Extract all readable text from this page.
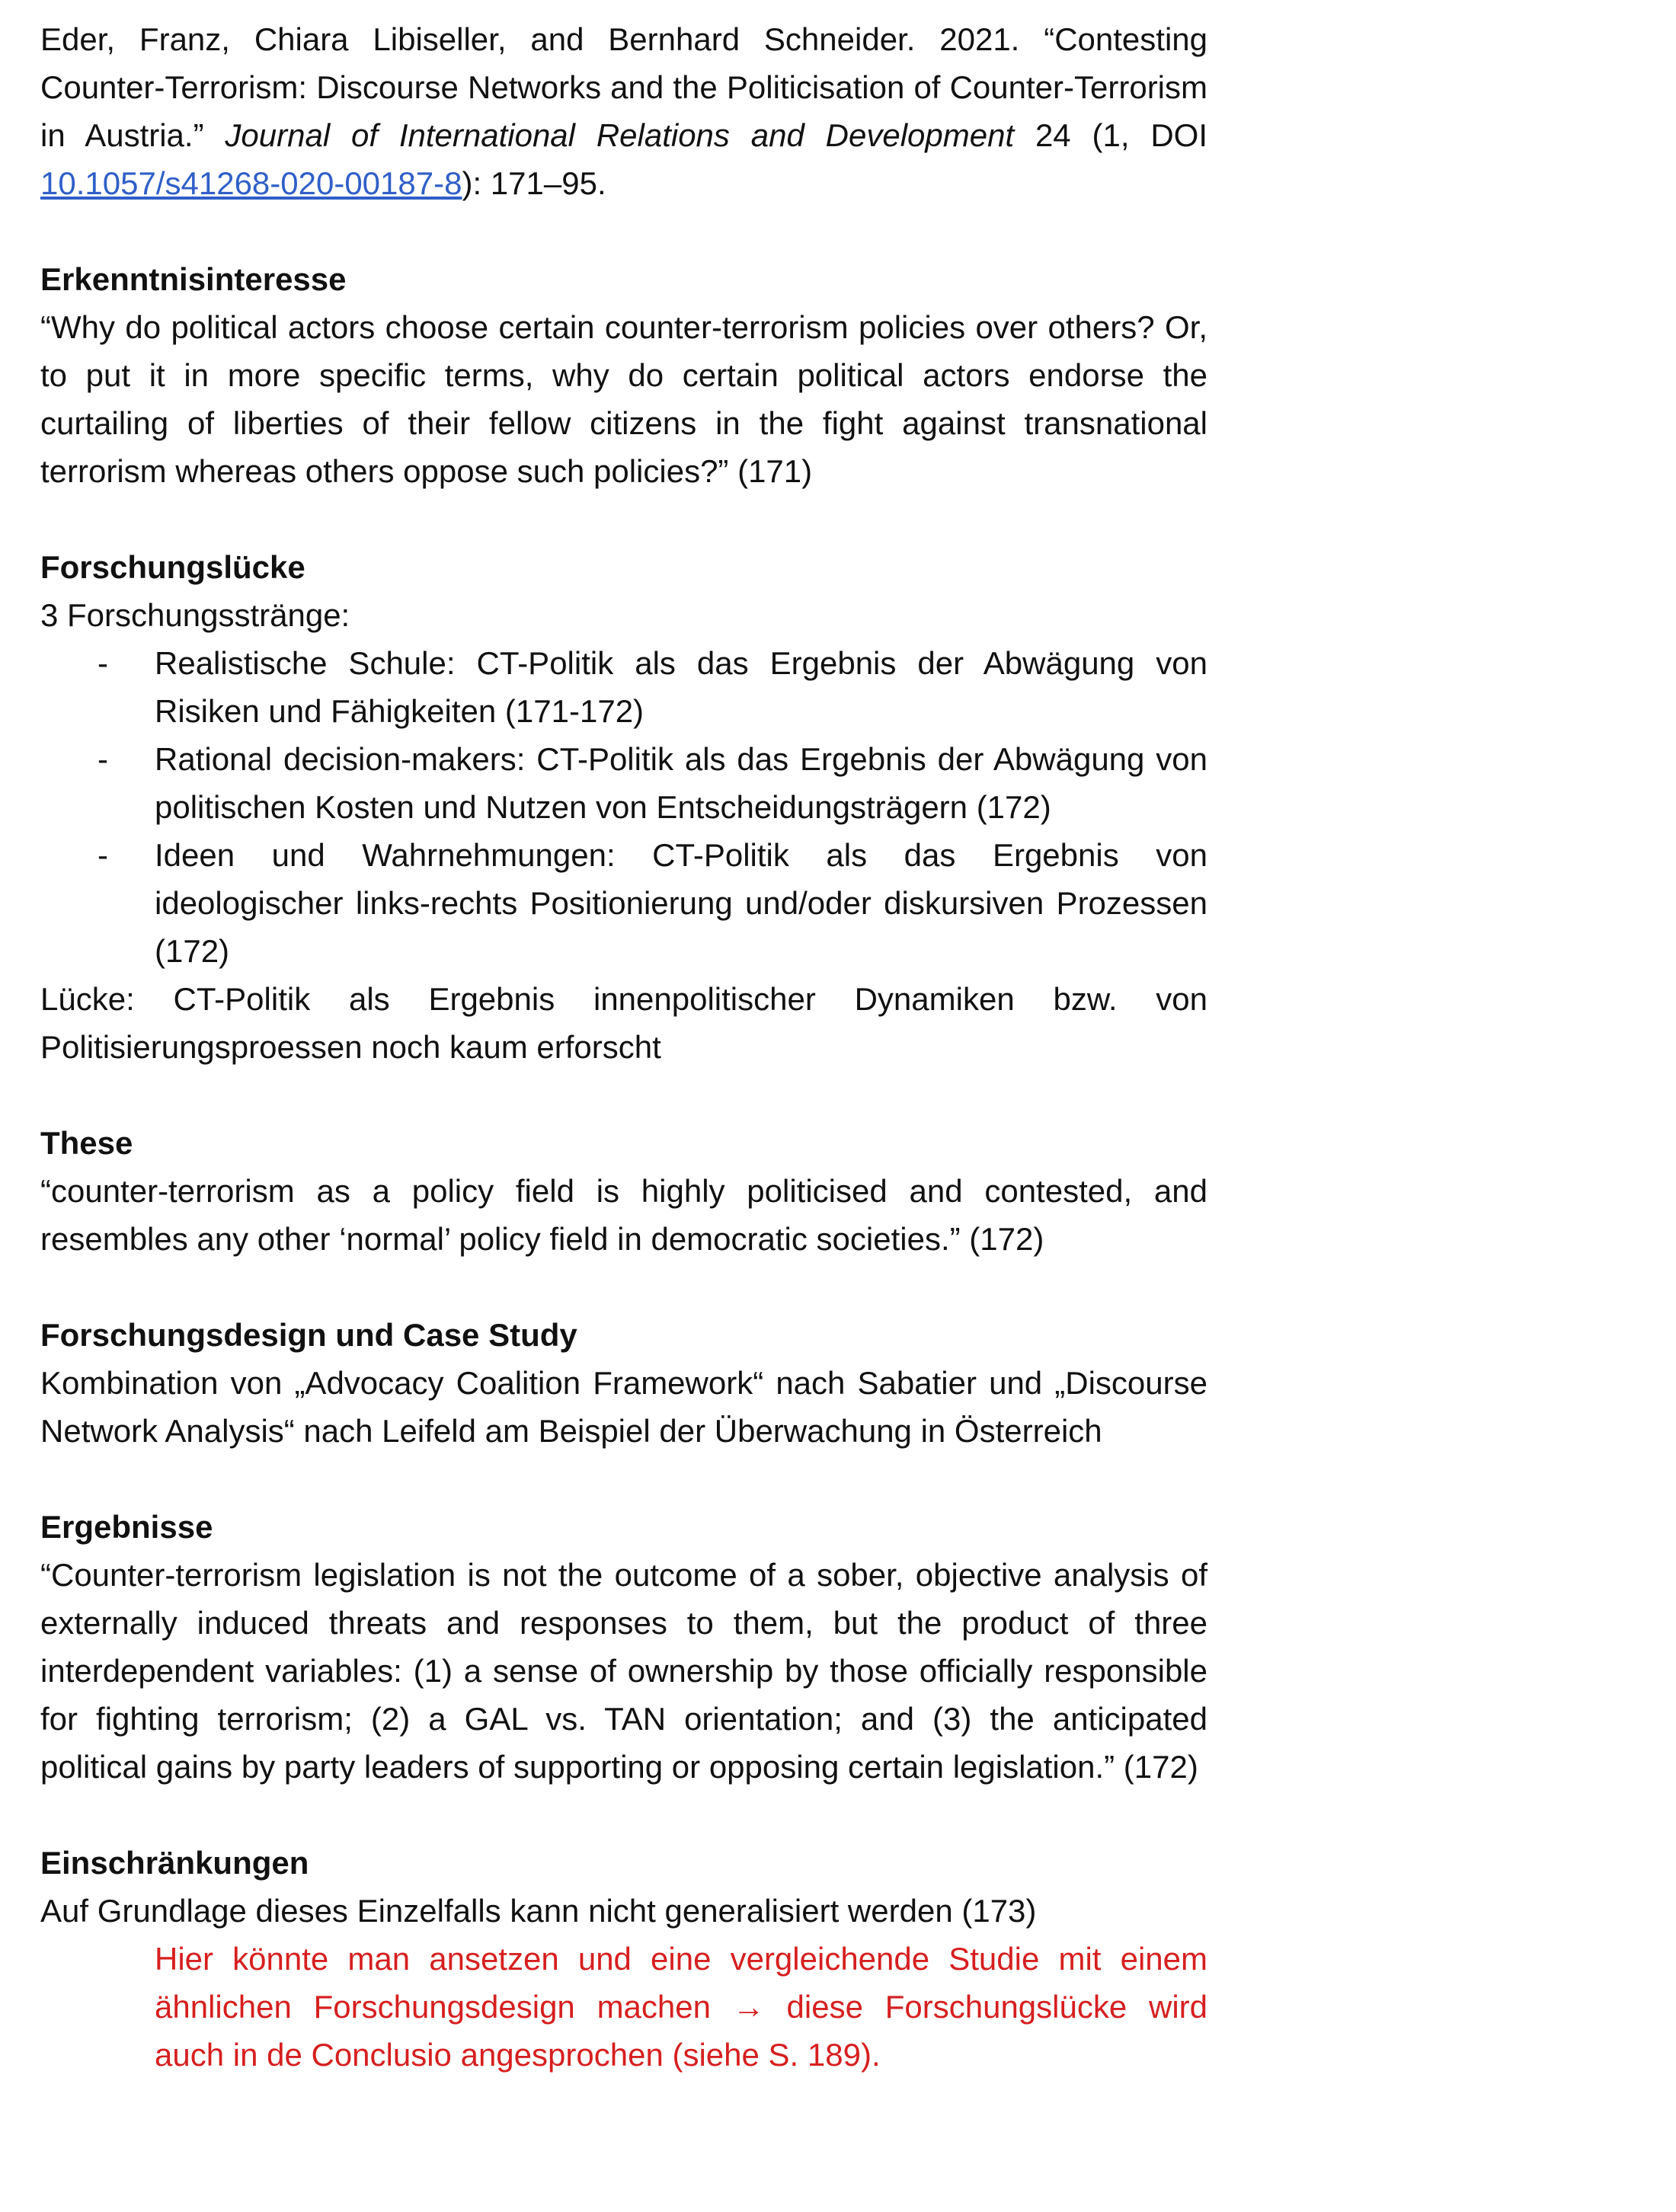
Eder, Franz, Chiara Libiseller, and Bernhard Schneider. 2021. “Contesting Counter-Terrorism: Discourse Networks and the Politicisation of Counter-Terrorism in Austria.” Journal of International Relations and Development 24 (1, DOI 10.1057/s41268-020-00187-8): 171–95.

Erkenntnisinteresse

“Why do political actors choose certain counter-terrorism policies over others? Or, to put it in more specific terms, why do certain political actors endorse the curtailing of liberties of their fellow citizens in the fight against transnational terrorism whereas others oppose such policies?” (171)

Forschungslücke

3 Forschungsstränge:

- Realistische Schule: CT-Politik als das Ergebnis der Abwägung von Risiken und Fähigkeiten (171-172)
- Rational decision-makers: CT-Politik als das Ergebnis der Abwägung von politischen Kosten und Nutzen von Entscheidungsträgern (172)
- Ideen und Wahrnehmungen: CT-Politik als das Ergebnis von ideologischer links-rechts Positionierung und/oder diskursiven Prozessen (172)

Lücke: CT-Politik als Ergebnis innenpolitischer Dynamiken bzw. von Politisierungsproessen noch kaum erforscht

These

“counter-terrorism as a policy field is highly politicised and contested, and resembles any other ‘normal’ policy field in democratic societies.” (172)

Forschungsdesign und Case Study

Kombination von „Advocacy Coalition Framework“ nach Sabatier und „Discourse Network Analysis“ nach Leifeld am Beispiel der Überwachung in Österreich

Ergebnisse

“Counter-terrorism legislation is not the outcome of a sober, objective analysis of externally induced threats and responses to them, but the product of three interdependent variables: (1) a sense of ownership by those officially responsible for fighting terrorism; (2) a GAL vs. TAN orientation; and (3) the anticipated political gains by party leaders of supporting or opposing certain legislation.” (172)

Einschränkungen

Auf Grundlage dieses Einzelfalls kann nicht generalisiert werden (173)

Hier könnte man ansetzen und eine vergleichende Studie mit einem ähnlichen Forschungsdesign machen → diese Forschungslücke wird auch in de Conclusio angesprochen (siehe S. 189).
